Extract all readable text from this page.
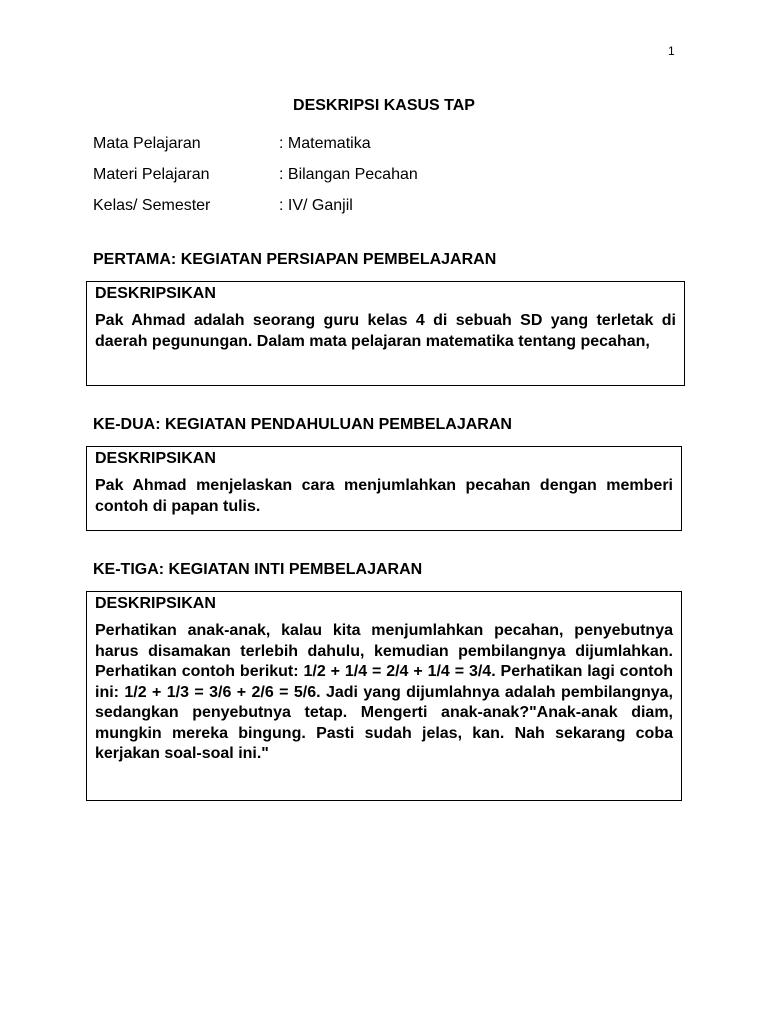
1
DESKRIPSI KASUS TAP
Mata Pelajaran	: Matematika
Materi Pelajaran	: Bilangan Pecahan
Kelas/ Semester	: IV/ Ganjil
PERTAMA: KEGIATAN PERSIAPAN PEMBELAJARAN
DESKRIPSIKAN
Pak Ahmad adalah seorang guru kelas 4 di sebuah SD yang terletak di daerah pegunungan. Dalam mata pelajaran matematika tentang pecahan,
KE-DUA: KEGIATAN PENDAHULUAN PEMBELAJARAN
DESKRIPSIKAN
Pak Ahmad menjelaskan cara menjumlahkan pecahan dengan memberi contoh di papan tulis.
KE-TIGA: KEGIATAN INTI PEMBELAJARAN
DESKRIPSIKAN
Perhatikan anak-anak, kalau kita menjumlahkan pecahan, penyebutnya harus disamakan terlebih dahulu, kemudian pembilangnya dijumlahkan. Perhatikan contoh berikut: 1/2 + 1/4 = 2/4 + 1/4 = 3/4. Perhatikan lagi contoh ini: 1/2 + 1/3 = 3/6 + 2/6 = 5/6. Jadi yang dijumlahnya adalah pembilangnya, sedangkan penyebutnya tetap. Mengerti anak-anak?"Anak-anak diam, mungkin mereka bingung. Pasti sudah jelas, kan. Nah sekarang coba kerjakan soal-soal ini."
